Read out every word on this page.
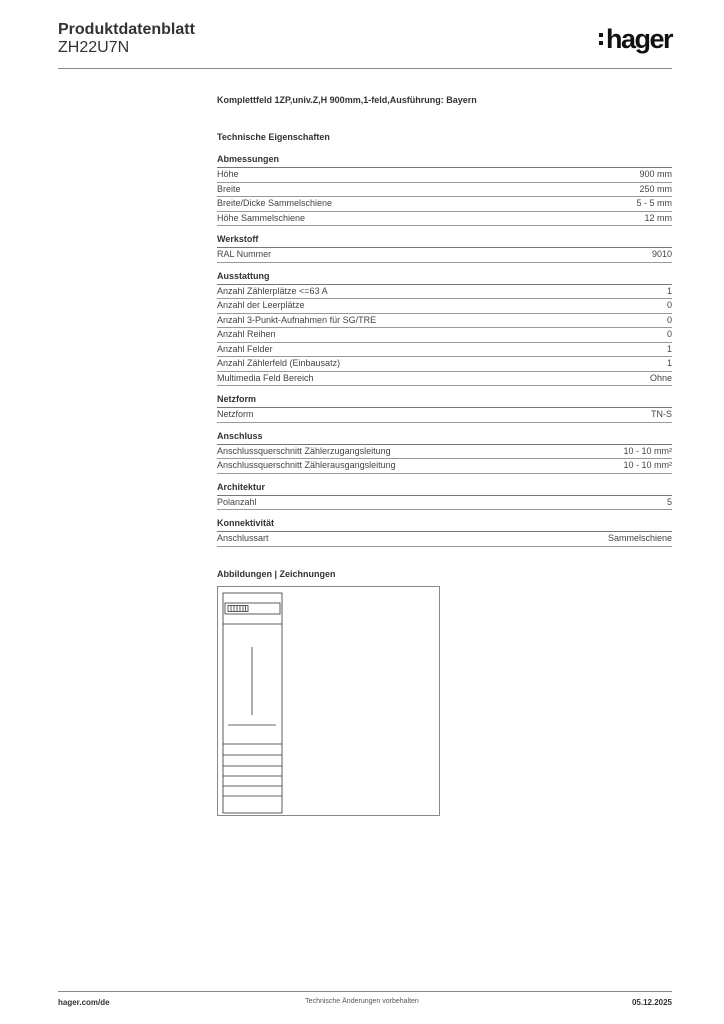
Produktdatenblatt
ZH22U7N	hager
Komplettfeld 1ZP,univ.Z,H 900mm,1-feld,Ausführung: Bayern
Technische Eigenschaften
Abmessungen
Höhe	900 mm
Breite	250 mm
Breite/Dicke Sammelschiene	5 - 5 mm
Höhe Sammelschiene	12 mm
Werkstoff
RAL Nummer	9010
Ausstattung
Anzahl Zählerplätze <=63 A	1
Anzahl der Leerplätze	0
Anzahl 3-Punkt-Aufnahmen für SG/TRE	0
Anzahl Reihen	0
Anzahl Felder	1
Anzahl Zählerfeld (Einbausatz)	1
Multimedia Feld Bereich	Ohne
Netzform
Netzform	TN-S
Anschluss
Anschlussquerschnitt Zählerzugangsleitung	10 - 10 mm²
Anschlussquerschnitt Zählerausgangsleitung	10 - 10 mm²
Architektur
Polanzahl	5
Konnektivität
Anschlussart	Sammelschiene
Abbildungen | Zeichnungen
hager.com/de	Technische Änderungen vorbehalten	05.12.2025
